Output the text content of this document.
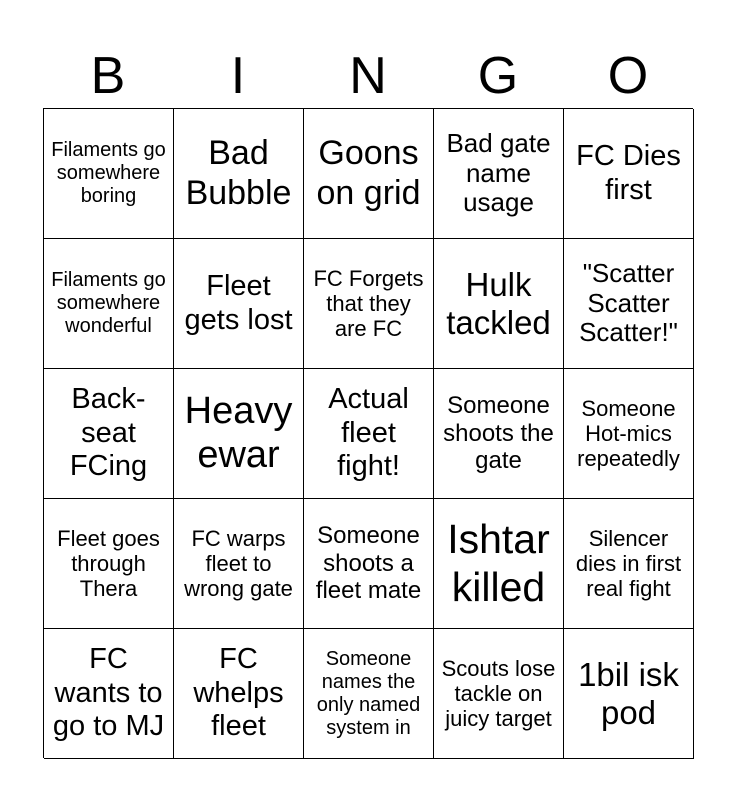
B	I	N	G	O
Filaments go somewhere boring
Bad Bubble
Goons on grid
Bad gate name usage
FC Dies first
Filaments go somewhere wonderful
Fleet gets lost
FC Forgets that they are FC
Hulk tackled
"Scatter Scatter Scatter!"
Back-seat FCing
Heavy ewar
Actual fleet fight!
Someone shoots the gate
Someone Hot-mics repeatedly
Fleet goes through Thera
FC warps fleet to wrong gate
Someone shoots a fleet mate
Ishtar killed
Silencer dies in first real fight
FC wants to go to MJ
FC whelps fleet
Someone names the only named system in
Scouts lose tackle on juicy target
1bil isk pod
